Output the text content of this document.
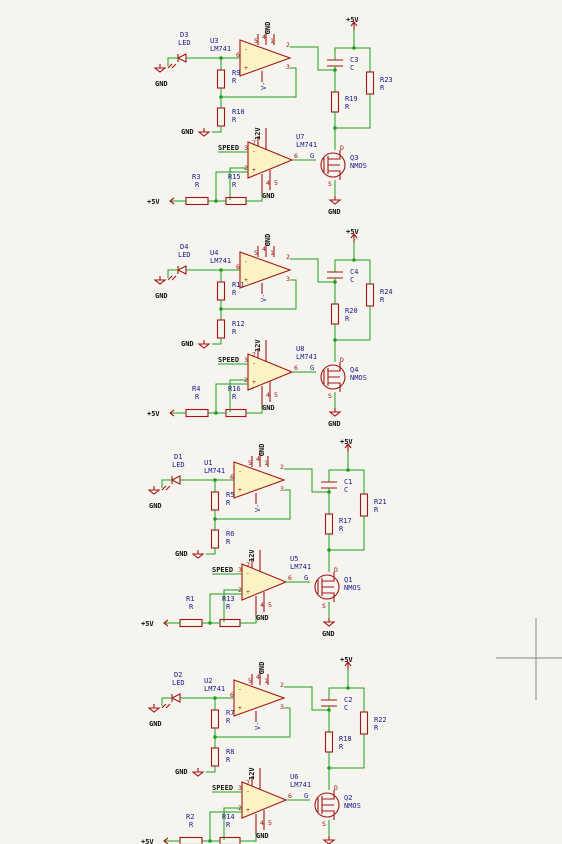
-
+
GND
5 4 1
6
2
3
V-
U3
LM741
D3
LED
GND
R9
R
R10
R
GND
+5V
C3
C
R23
R
R19
R
-
+
12V
GND
7
5
4
6
3
2
U7
LM741
SPEED
G	Q3
NMOS
D
S
GND
R15
R
R3
R
+5V
-
+
GND
5 4 1
6
2
3
V-
U4
LM741
D4
LED
GND
R11
R
R12
R
GND
+5V
C4
C
R24
R
R20
R
-
+
12V
GND
7
5
4
6
3
2
U8
LM741
SPEED
G	Q4
NMOS
D
S
GND
R16
R
R4
R
+5V
-
+
GND
5 4 1
6
2
3
V-
U1
LM741
D1
LED
GND
R5
R
R6
R
GND
+5V
C1
C
R21
R
R17
R
-
+
12V
GND
7
5
4
6
3
2
U5
LM741
SPEED
G	Q1
NMOS
D
S
GND
R13
R
R1
R
+5V
-
+
GND
5 4 1
6
2
3
V-
U2
LM741
D2
LED
GND
R7
R
R8
R
GND
+5V
C2
C
R22
R
R18
R
-
+
12V
GND
7
5
4
6
3
2
U6
LM741
SPEED
G	Q2
NMOS
D
S
R14
R
R2
R
+5V
